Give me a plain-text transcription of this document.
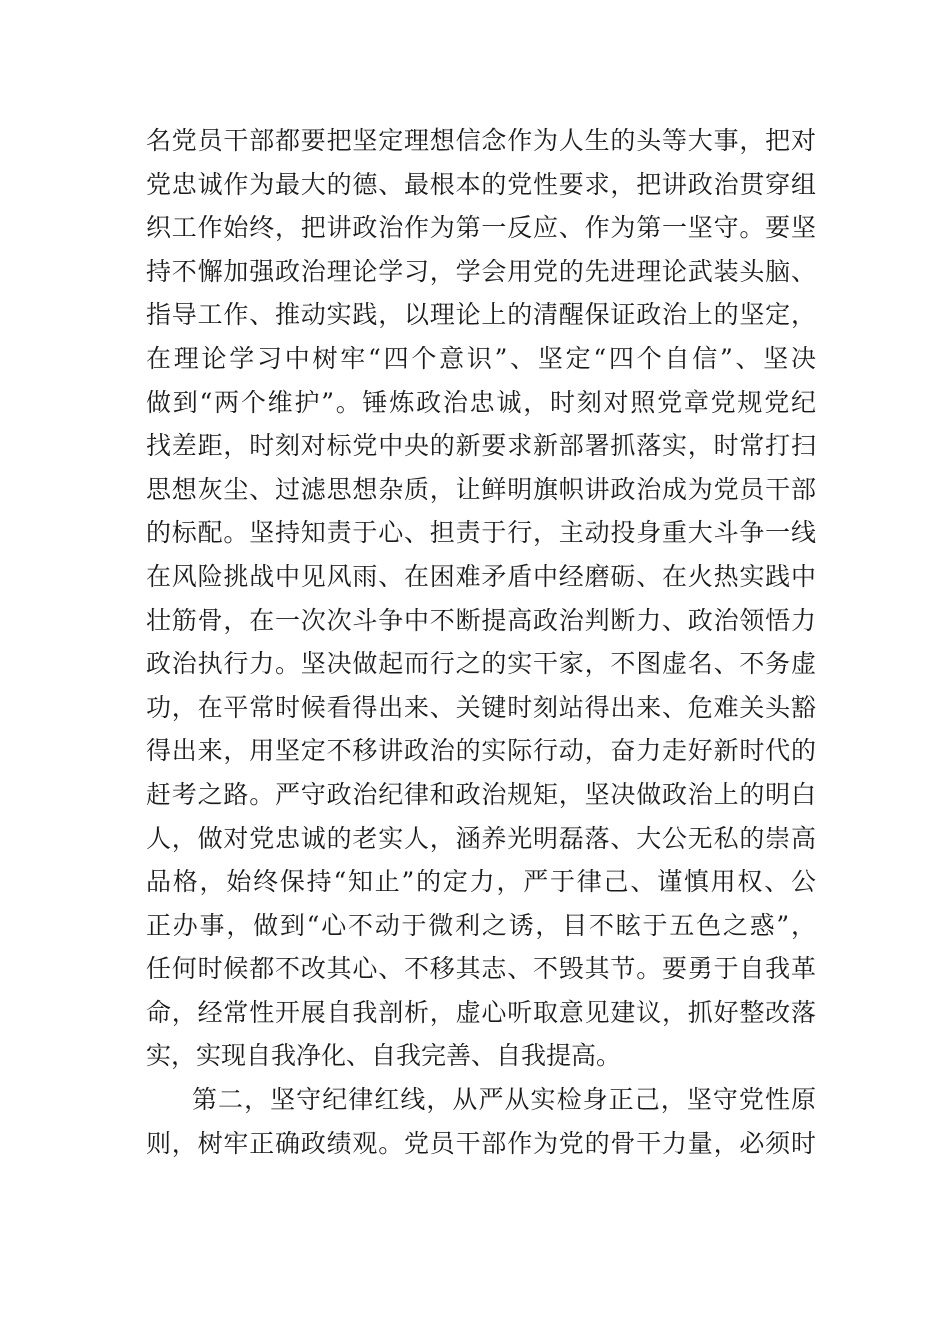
名党员干部都要把坚定理想信念作为人生的头等大事，把对
党忠诚作为最大的德、最根本的党性要求，把讲政治贯穿组
织工作始终，把讲政治作为第一反应、作为第一坚守。要坚
持不懈加强政治理论学习，学会用党的先进理论武装头脑、
指导工作、推动实践，以理论上的清醒保证政治上的坚定，
在理论学习中树牢“四个意识”、坚定“四个自信”、坚决
做到“两个维护”。锤炼政治忠诚，时刻对照党章党规党纪
找差距，时刻对标党中央的新要求新部署抓落实，时常打扫
思想灰尘、过滤思想杂质，让鲜明旗帜讲政治成为党员干部
的标配。坚持知责于心、担责于行，主动投身重大斗争一线
在风险挑战中见风雨、在困难矛盾中经磨砺、在火热实践中
壮筋骨，在一次次斗争中不断提高政治判断力、政治领悟力
政治执行力。坚决做起而行之的实干家，不图虚名、不务虚
功，在平常时候看得出来、关键时刻站得出来、危难关头豁
得出来，用坚定不移讲政治的实际行动，奋力走好新时代的
赶考之路。严守政治纪律和政治规矩，坚决做政治上的明白
人，做对党忠诚的老实人，涵养光明磊落、大公无私的崇高
品格，始终保持“知止”的定力，严于律己、谨慎用权、公
正办事，做到“心不动于微利之诱，目不眩于五色之惑”，
任何时候都不改其心、不移其志、不毁其节。要勇于自我革
命，经常性开展自我剖析，虚心听取意见建议，抓好整改落
实，实现自我净化、自我完善、自我提高。
第二，坚守纪律红线，从严从实检身正己，坚守党性原
则，树牢正确政绩观。党员干部作为党的骨干力量，必须时
